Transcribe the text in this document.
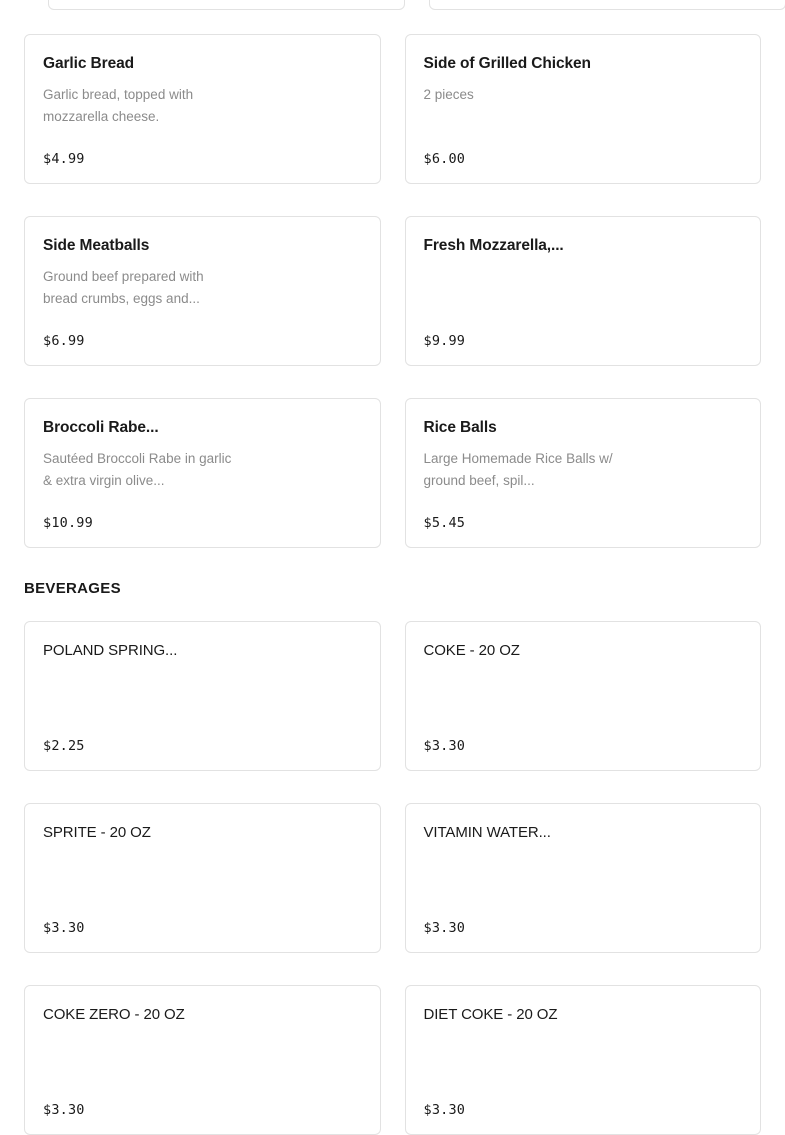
Garlic Bread
Garlic bread, topped with mozzarella cheese.
$4.99
Side of Grilled Chicken
2 pieces
$6.00
Side Meatballs
Ground beef prepared with bread crumbs, eggs and...
$6.99
Fresh Mozzarella,...
$9.99
Broccoli Rabe...
Sautéed Broccoli Rabe in garlic & extra virgin olive...
$10.99
Rice Balls
Large Homemade Rice Balls w/ ground beef, spil...
$5.45
BEVERAGES
POLAND SPRING...
$2.25
COKE - 20 OZ
$3.30
SPRITE - 20 OZ
$3.30
VITAMIN WATER...
$3.30
COKE ZERO - 20 OZ
$3.30
DIET COKE - 20 OZ
$3.30
